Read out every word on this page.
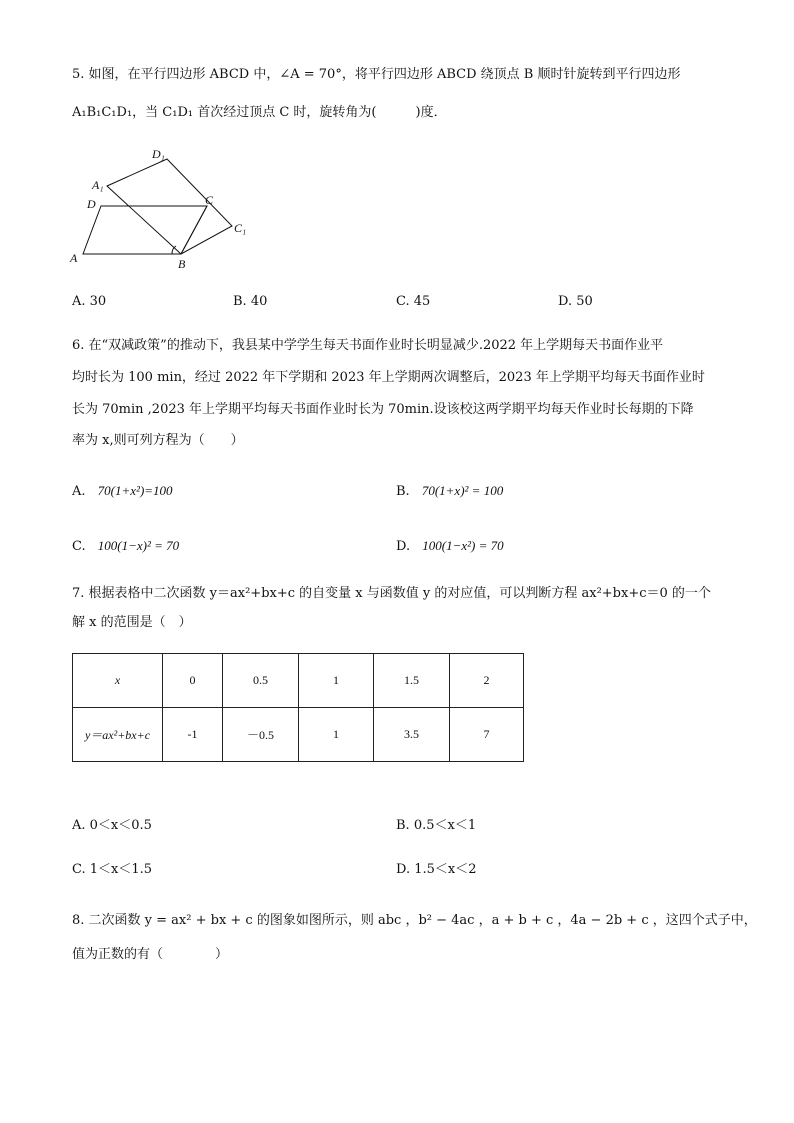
5. 如图，在平行四边形 ABCD 中，∠A = 70°，将平行四边形 ABCD 绕顶点 B 顺时针旋转到平行四边形
A₁B₁C₁D₁，当 C₁D₁ 首次经过顶点 C 时，旋转角为(　　　)度．
A	B
C
D
A₁
C₁
D₁
A. 30	B. 40	C. 45	D. 50
6. 在“双减政策”的推动下，我县某中学学生每天书面作业时长明显减少.2022 年上学期每天书面作业平
均时长为 100 min，经过 2022 年下学期和 2023 年上学期两次调整后，2023 年上学期平均每天书面作业时
长为 70min ,2023 年上学期平均每天书面作业时长为 70min.设该校这两学期平均每天作业时长每期的下降
率为 x,则可列方程为（　　）
A. 70(1+x²)=100	B. 70(1+x)² = 100
C. 100(1−x)² = 70	D. 100(1−x²) = 70
7. 根据表格中二次函数 y＝ax²+bx+c 的自变量 x 与函数值 y 的对应值，可以判断方程 ax²+bx+c＝0 的一个
解 x 的范围是（　）
x	0	0.5	1	1.5	2
y＝ax²+bx+c	-1	－0.5	1	3.5	7
A. 0＜x＜0.5	B. 0.5＜x＜1
C. 1＜x＜1.5	D. 1.5＜x＜2
8. 二次函数 y = ax² + bx + c 的图象如图所示，则 abc ，b² − 4ac ，a + b + c ，4a − 2b + c ，这四个式子中，
值为正数的有（　　　　）
